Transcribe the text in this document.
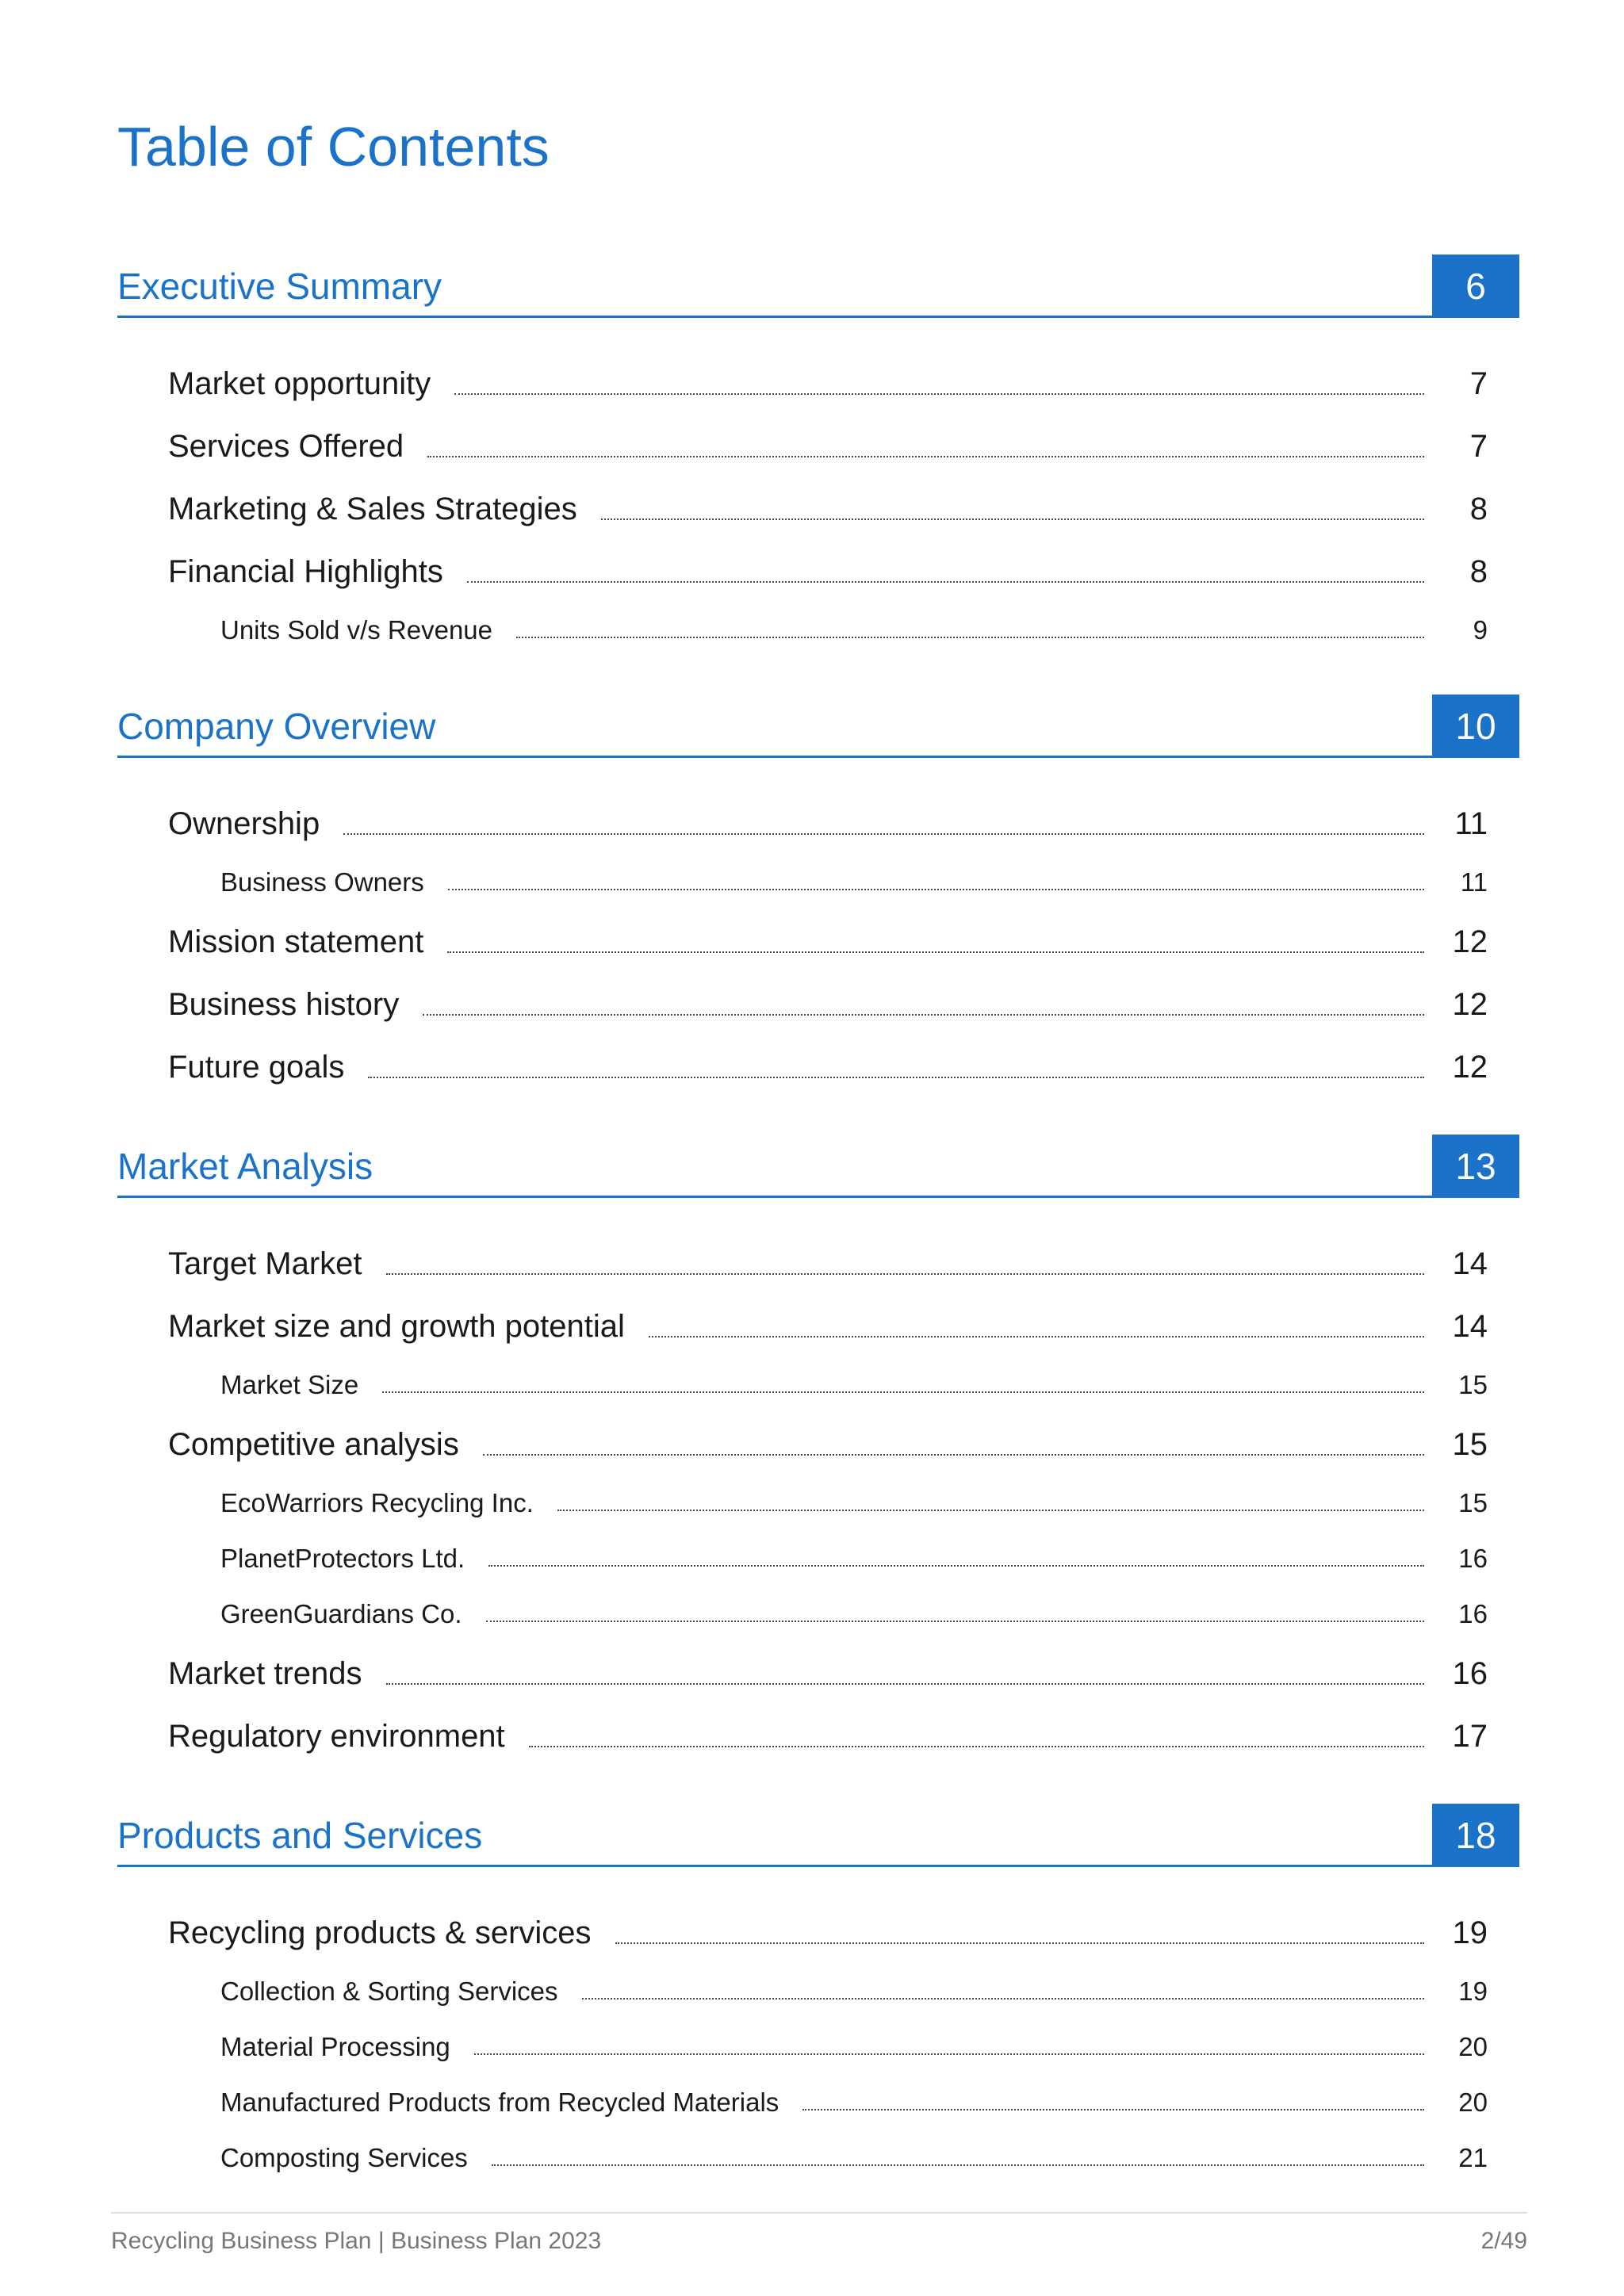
Table of Contents
Executive Summary	6
Market opportunity	7
Services Offered	7
Marketing & Sales Strategies	8
Financial Highlights	8
Units Sold v/s Revenue	9
Company Overview	10
Ownership	11
Business Owners	11
Mission statement	12
Business history	12
Future goals	12
Market Analysis	13
Target Market	14
Market size and growth potential	14
Market Size	15
Competitive analysis	15
EcoWarriors Recycling Inc.	15
PlanetProtectors Ltd.	16
GreenGuardians Co.	16
Market trends	16
Regulatory environment	17
Products and Services	18
Recycling products & services	19
Collection & Sorting Services	19
Material Processing	20
Manufactured Products from Recycled Materials	20
Composting Services	21
Recycling Business Plan | Business Plan 2023	2/49
